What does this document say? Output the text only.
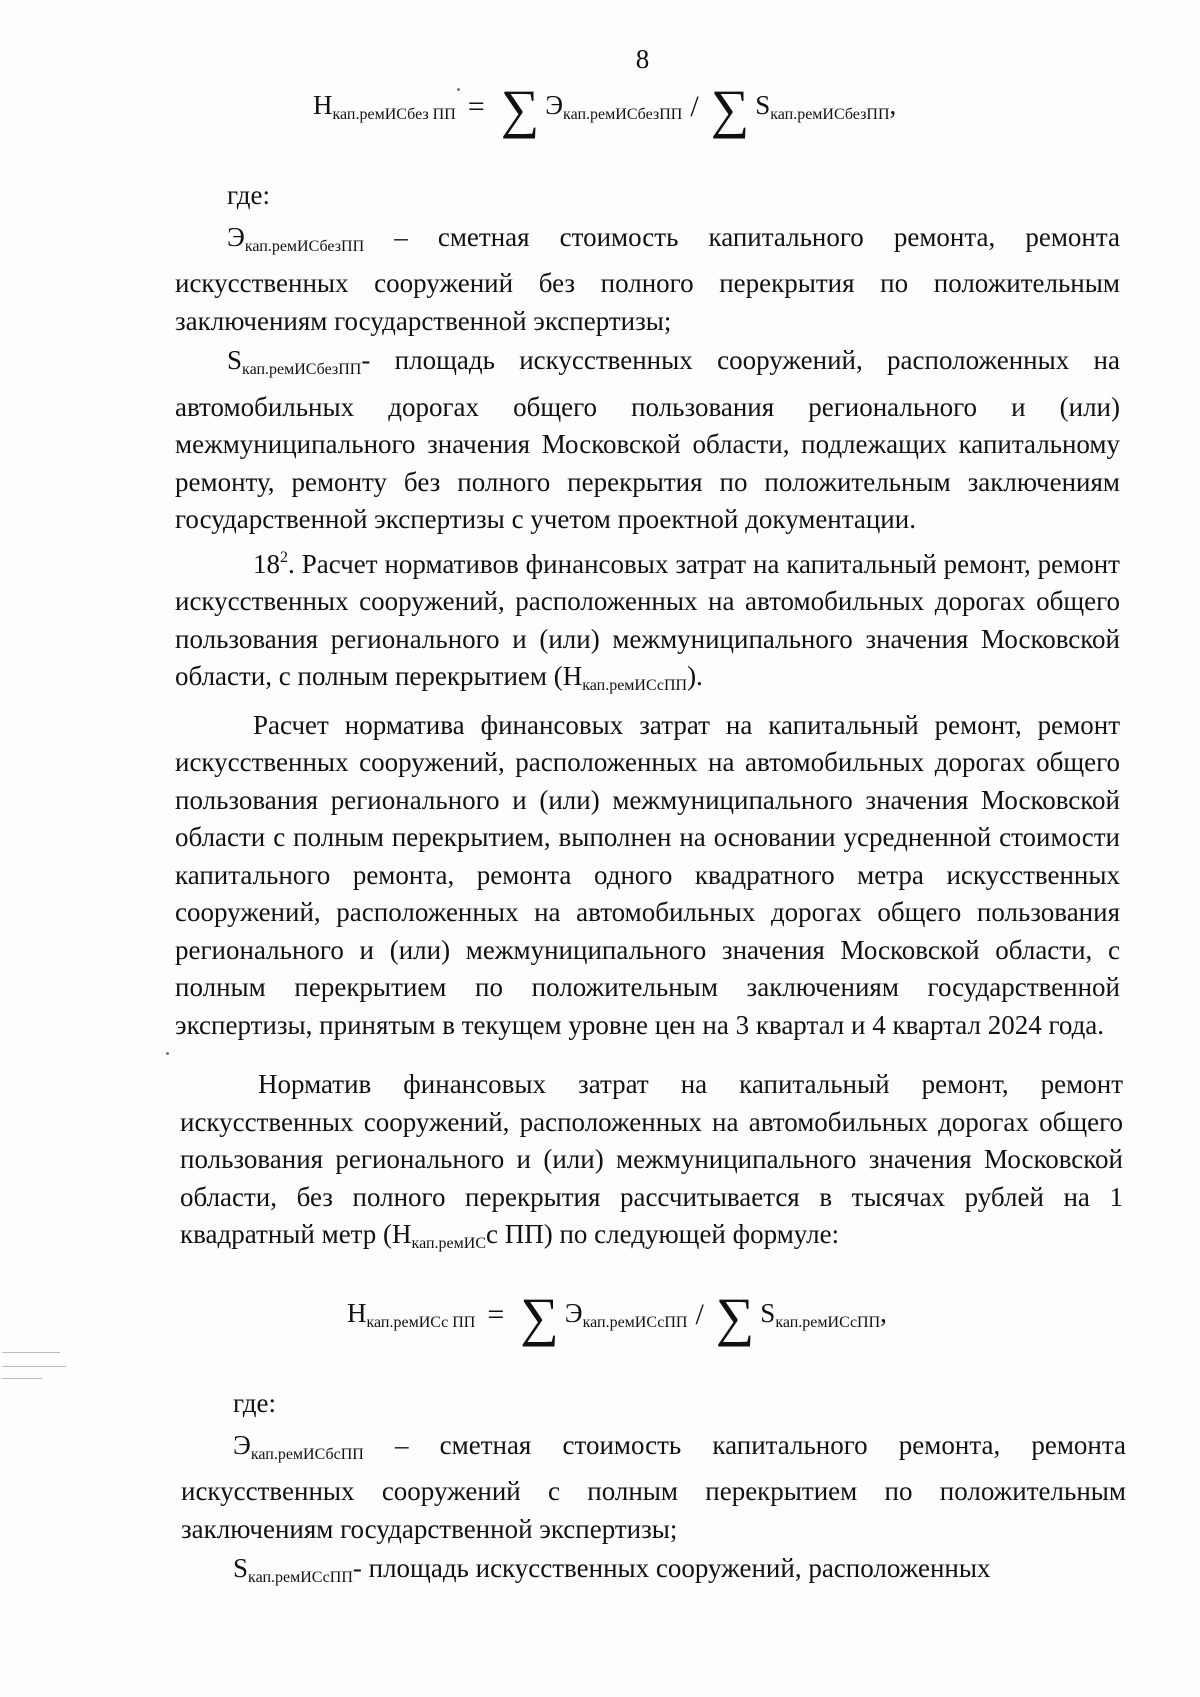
8
$Н_{кап.ремИСбез ПП}$ = ∑ $Э_{кап.ремИСбезПП}$ / ∑ $S_{кап.ремИСбезПП}$,

где:

$Э_{кап.ремИСбезПП}$ – сметная стоимость капитального ремонта, ремонта искусственных сооружений без полного перекрытия по положительным заключениям государственной экспертизы;

$S_{кап.ремИСбезПП}-$ площадь искусственных сооружений, расположенных на автомобильных дорогах общего пользования регионального и (или) межмуниципального значения Московской области, подлежащих капитальному ремонту, ремонту без полного перекрытия по положительным заключениям государственной экспертизы с учетом проектной документации.

$18^2$. Расчет нормативов финансовых затрат на капитальный ремонт, ремонт искусственных сооружений, расположенных на автомобильных дорогах общего пользования регионального и (или) межмуниципального значения Московской области, с полным перекрытием $(Н_{кап.ремИСсПП})$.

Расчет норматива финансовых затрат на капитальный ремонт, ремонт искусственных сооружений, расположенных на автомобильных дорогах общего пользования регионального и (или) межмуниципального значения Московской области с полным перекрытием, выполнен на основании усредненной стоимости капитального ремонта, ремонта одного квадратного метра искусственных сооружений, расположенных на автомобильных дорогах общего пользования регионального и (или) межмуниципального значения Московской области, с полным перекрытием по положительным заключениям государственной экспертизы, принятым в текущем уровне цен на 3 квартал и 4 квартал 2024 года.

Норматив финансовых затрат на капитальный ремонт, ремонт искусственных сооружений, расположенных на автомобильных дорогах общего пользования регионального и (или) межмуниципального значения Московской области, без полного перекрытия рассчитывается в тысячах рублей на 1 квадратный метр ($Н_{кап.ремИС}с$ ПП) по следующей формуле:

$Н_{кап.ремИСс ПП}$ = ∑ $Э_{кап.ремИСсПП}$ / ∑ $S_{кап.ремИСсПП}$,

где:

$Э_{кап.ремИСбсПП}$ – сметная стоимость капитального ремонта, ремонта искусственных сооружений с полным перекрытием по положительным заключениям государственной экспертизы;

$S_{кап.ремИСсПП}-$ площадь искусственных сооружений, расположенных
